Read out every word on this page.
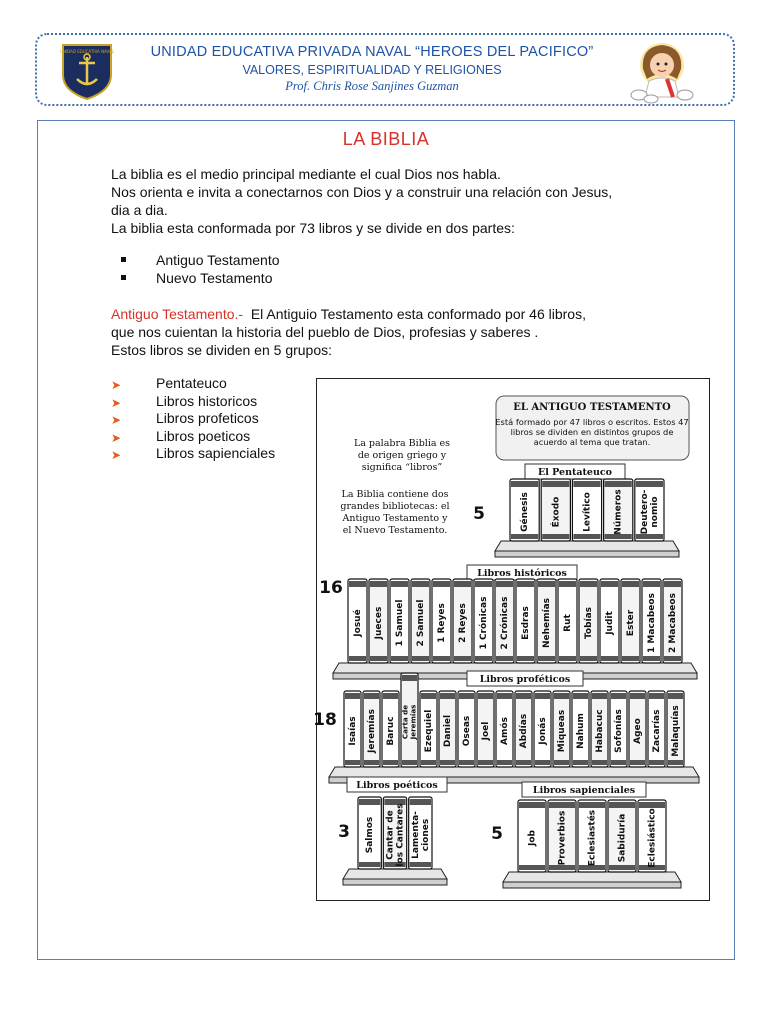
UNIDAD EDUCATIVA NAVAL	UNIDAD EDUCATIVA PRIVADA NAVAL “HEROES DEL PACIFICO”
VALORES, ESPIRITUALIDAD Y RELIGIONES
Prof. Chris Rose Sanjines Guzman
LA BIBLIA
La biblia es el medio principal mediante el cual Dios nos habla.
Nos orienta e invita a conectarnos con Dios y a construir una relación con Jesus,
dia a dia.
La biblia esta conformada por 73 libros y se divide en dos partes:
Antiguo Testamento
Nuevo Testamento
Antiguo Testamento.-  El Antiguio Testamento esta conformado por 46 libros,
que nos cuientan la historia del pueblo de Dios, profesias y saberes .
Estos libros se dividen en 5 grupos:
➤ Pentateuco
➤ Libros historicos
➤ Libros profeticos
➤ Libros poeticos
➤ Libros sapienciales
EL ANTIGUO TESTAMENTO
Está formado por 47 libros o escritos. Estos 47
libros se dividen en distintos grupos de
acuerdo al tema que tratan.
La palabra Biblia es
de origen griego y
significa “libros”
La Biblia contiene dos
grandes bibliotecas: el
Antiguo Testamento y
el Nuevo Testamento.
El Pentateuco
5	Génesis Éxodo Levítico Números Deutero- nomio
Libros históricos
16
Josué Jueces 1 Samuel 2 Samuel 1 Reyes 2 Reyes 1 Crónicas 2 Crónicas Esdras Nehemías Rut Tobías Judit Ester 1 Macabeos 2 Macabeos
Libros proféticos
18 Isaías Jeremías Baruc Carta de Jeremías Ezequiel Daniel Oseas Joel Amós Abdías Jonás Miqueas Nahum Habacuc Sofonías Ageo Zacarías Malaquías
Libros poéticos
3 Salmos Cantar de los Cantares Lamenta- ciones
Libros sapienciales
5	Job Proverbios Eclesiastés Sabiduría Eclesiástico
